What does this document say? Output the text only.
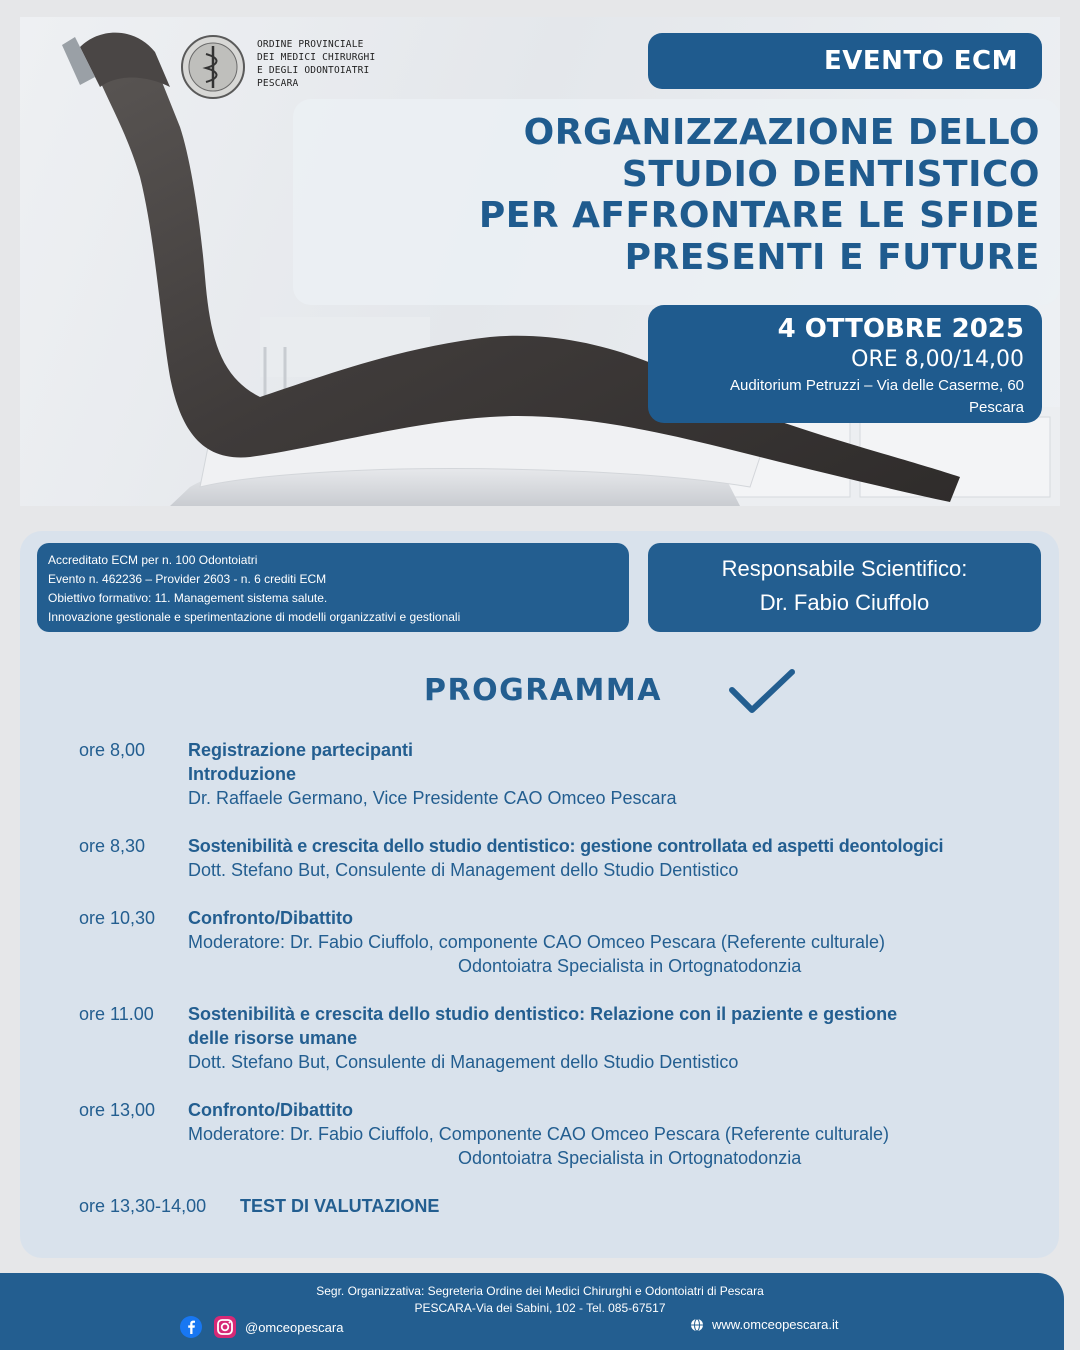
ORDINE PROVINCIALE
DEI MEDICI CHIRURGHI
E DEGLI ODONTOIATRI
PESCARA
EVENTO ECM
ORGANIZZAZIONE DELLO
STUDIO DENTISTICO
PER AFFRONTARE LE SFIDE
PRESENTI E FUTURE
4 OTTOBRE 2025
ORE 8,00/14,00
Auditorium Petruzzi – Via delle Caserme, 60
Pescara
Accreditato ECM per n. 100 Odontoiatri
Evento n. 462236 – Provider 2603 - n. 6 crediti ECM
Obiettivo formativo: 11. Management sistema salute.
Innovazione gestionale e sperimentazione di modelli organizzativi e gestionali
Responsabile Scientifico:
Dr. Fabio Ciuffolo
PROGRAMMA
ore 8,00 Registrazione partecipanti
Introduzione
Dr. Raffaele Germano, Vice Presidente CAO Omceo Pescara
ore 8,30 Sostenibilità e crescita dello studio dentistico: gestione controllata ed aspetti deontologici
Dott. Stefano But, Consulente di Management dello Studio Dentistico
ore 10,30 Confronto/Dibattito
Moderatore: Dr. Fabio Ciuffolo, componente CAO Omceo Pescara (Referente culturale)
Odontoiatra Specialista in Ortognatodonzia
ore 11.00 Sostenibilità e crescita dello studio dentistico: Relazione con il paziente e gestione
delle risorse umane
Dott. Stefano But, Consulente di Management dello Studio Dentistico
ore 13,00 Confronto/Dibattito
Moderatore: Dr. Fabio Ciuffolo, Componente CAO Omceo Pescara (Referente culturale)
Odontoiatra Specialista in Ortognatodonzia
ore 13,30-14,00 TEST DI VALUTAZIONE
Segr. Organizzativa: Segreteria Ordine dei Medici Chirurghi e Odontoiatri di Pescara
PESCARA-Via dei Sabini, 102 - Tel. 085-67517
@omceopescara	www.omceopescara.it
